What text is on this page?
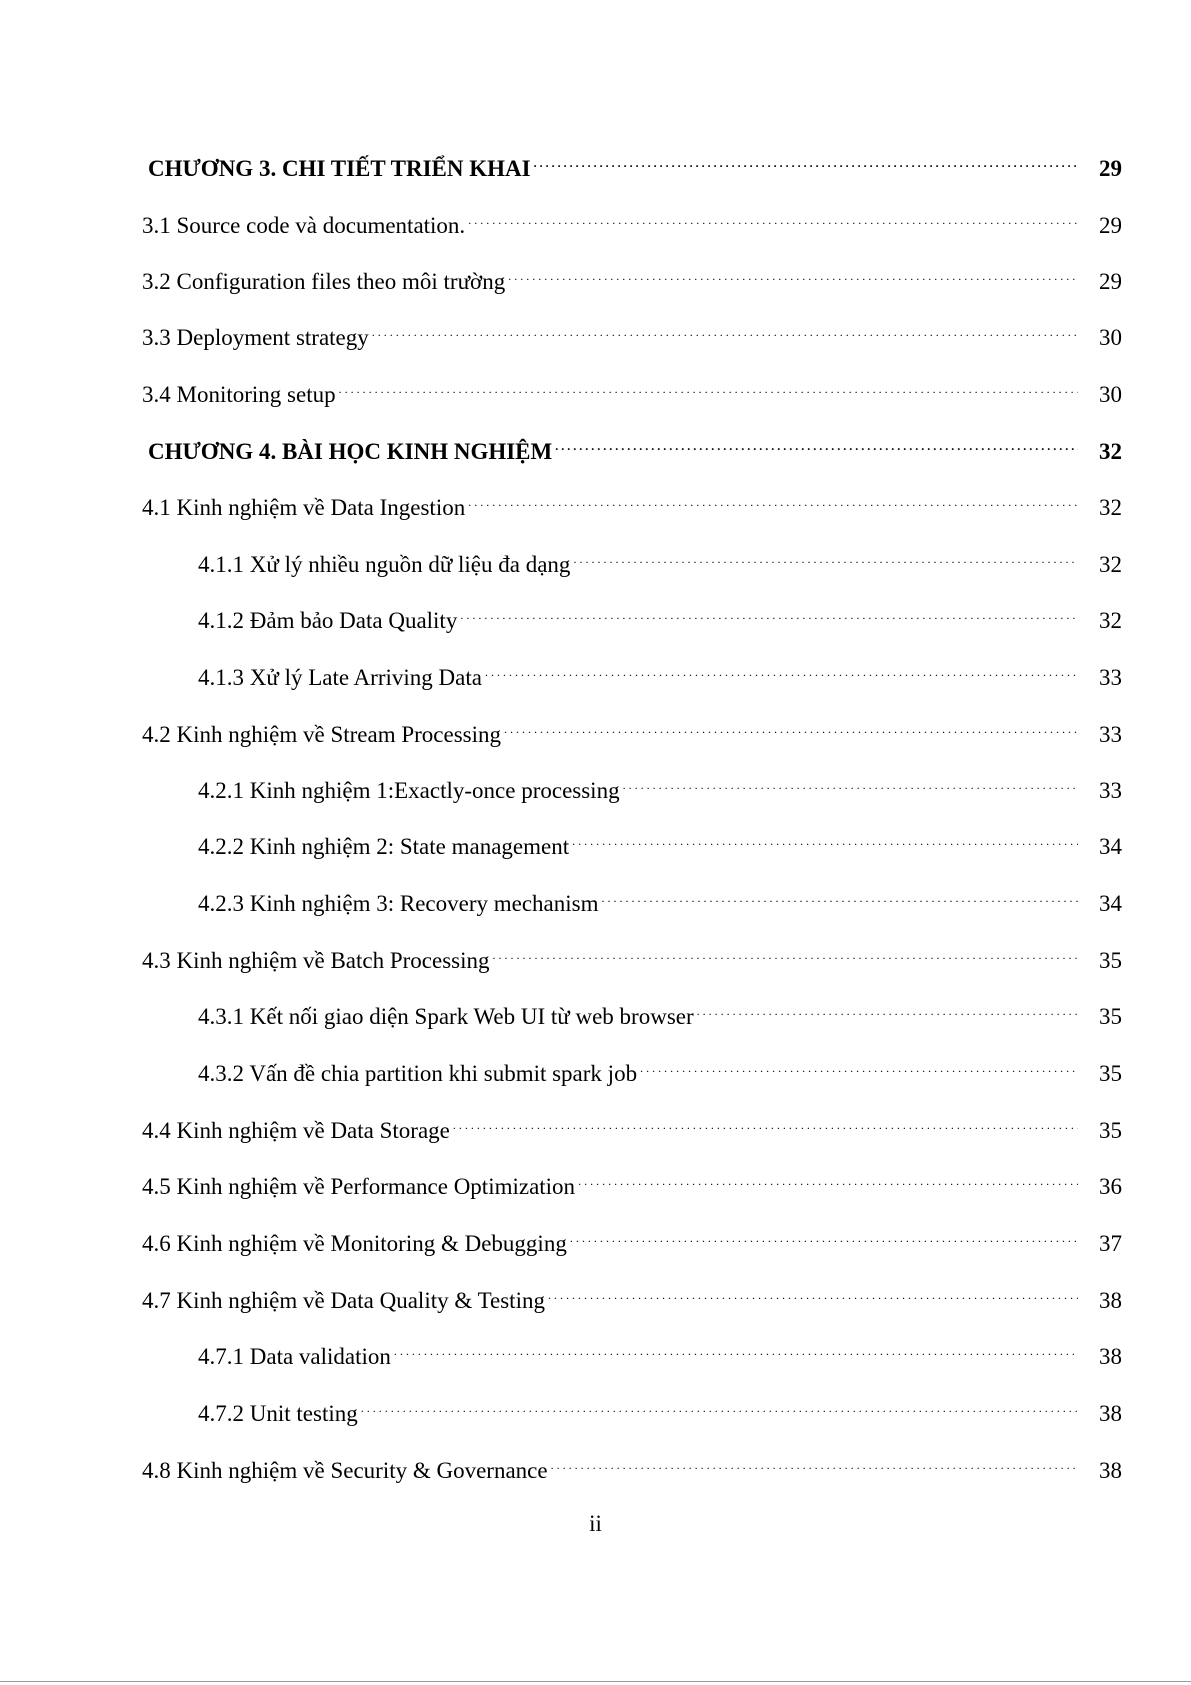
CHƯƠNG 3. CHI TIẾT TRIỂN KHAI . . .	29
3.1 Source code và documentation. . . .	29
3.2 Configuration files theo môi trường . . .	29
3.3 Deployment strategy . . .	30
3.4 Monitoring setup . . .	30
CHƯƠNG 4. BÀI HỌC KINH NGHIỆM . . .	32
4.1 Kinh nghiệm về Data Ingestion . . .	32
4.1.1 Xử lý nhiều nguồn dữ liệu đa dạng . . .	32
4.1.2 Đảm bảo Data Quality . . .	32
4.1.3 Xử lý Late Arriving Data . . .	33
4.2 Kinh nghiệm về Stream Processing . . .	33
4.2.1 Kinh nghiệm 1:Exactly-once processing . . .	33
4.2.2 Kinh nghiệm 2: State management . . .	34
4.2.3 Kinh nghiệm 3: Recovery mechanism . . .	34
4.3 Kinh nghiệm về Batch Processing . . .	35
4.3.1 Kết nối giao diện Spark Web UI từ web browser . . .	35
4.3.2 Vấn đề chia partition khi submit spark job . . .	35
4.4 Kinh nghiệm về Data Storage . . .	35
4.5 Kinh nghiệm về Performance Optimization . . .	36
4.6 Kinh nghiệm về Monitoring & Debugging . . .	37
4.7 Kinh nghiệm về Data Quality & Testing . . .	38
4.7.1 Data validation . . .	38
4.7.2 Unit testing . . .	38
4.8 Kinh nghiệm về Security & Governance . . .	38
ii
